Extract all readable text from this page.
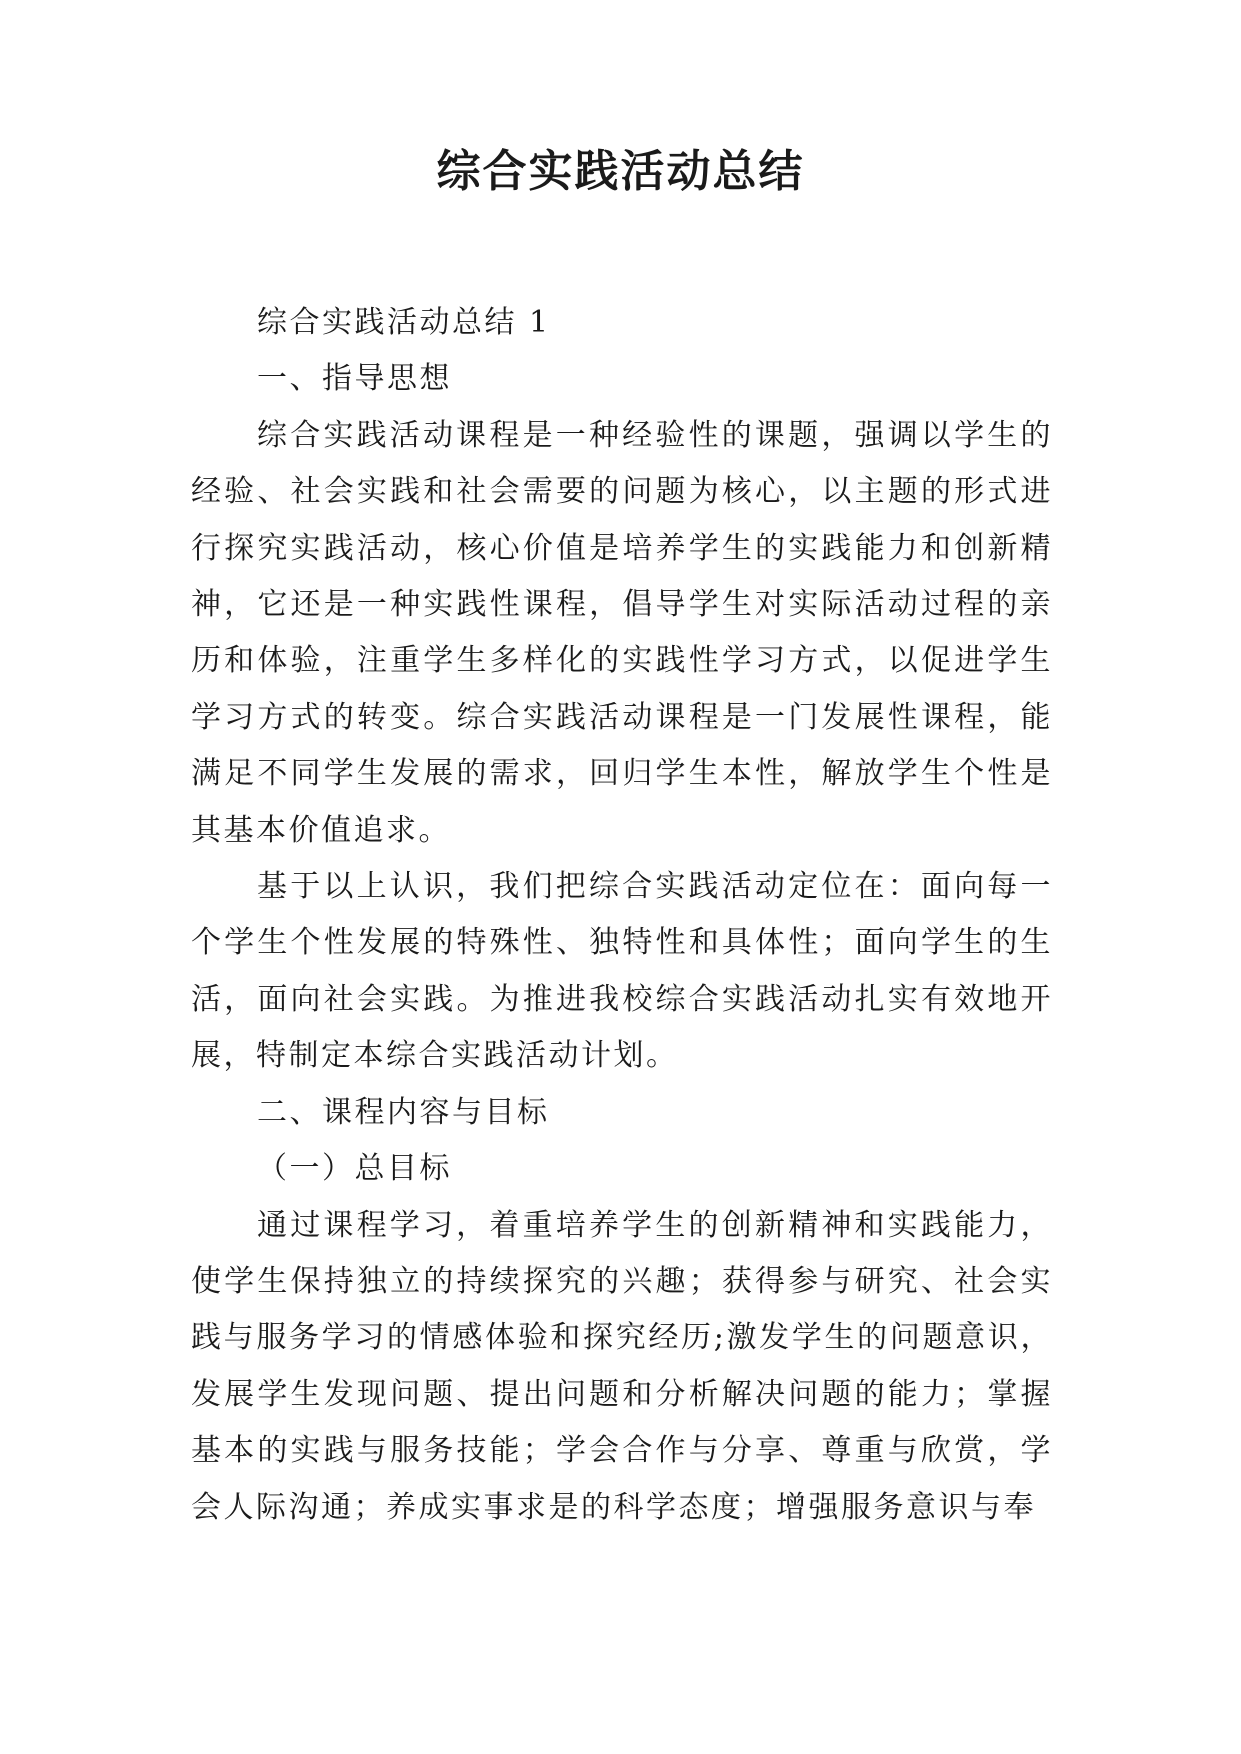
综合实践活动总结

综合实践活动总结 1

一、指导思想

综合实践活动课程是一种经验性的课题，强调以学生的经验、社会实践和社会需要的问题为核心，以主题的形式进行探究实践活动，核心价值是培养学生的实践能力和创新精神，它还是一种实践性课程，倡导学生对实际活动过程的亲历和体验，注重学生多样化的实践性学习方式，以促进学生学习方式的转变。综合实践活动课程是一门发展性课程，能满足不同学生发展的需求，回归学生本性，解放学生个性是其基本价值追求。

基于以上认识，我们把综合实践活动定位在：面向每一个学生个性发展的特殊性、独特性和具体性；面向学生的生活，面向社会实践。为推进我校综合实践活动扎实有效地开展，特制定本综合实践活动计划。

二、课程内容与目标

（一）总目标

通过课程学习，着重培养学生的创新精神和实践能力，使学生保持独立的持续探究的兴趣；获得参与研究、社会实践与服务学习的情感体验和探究经历;激发学生的问题意识，发展学生发现问题、提出问题和分析解决问题的能力；掌握基本的实践与服务技能；学会合作与分享、尊重与欣赏，学会人际沟通；养成实事求是的科学态度；增强服务意识与奉
